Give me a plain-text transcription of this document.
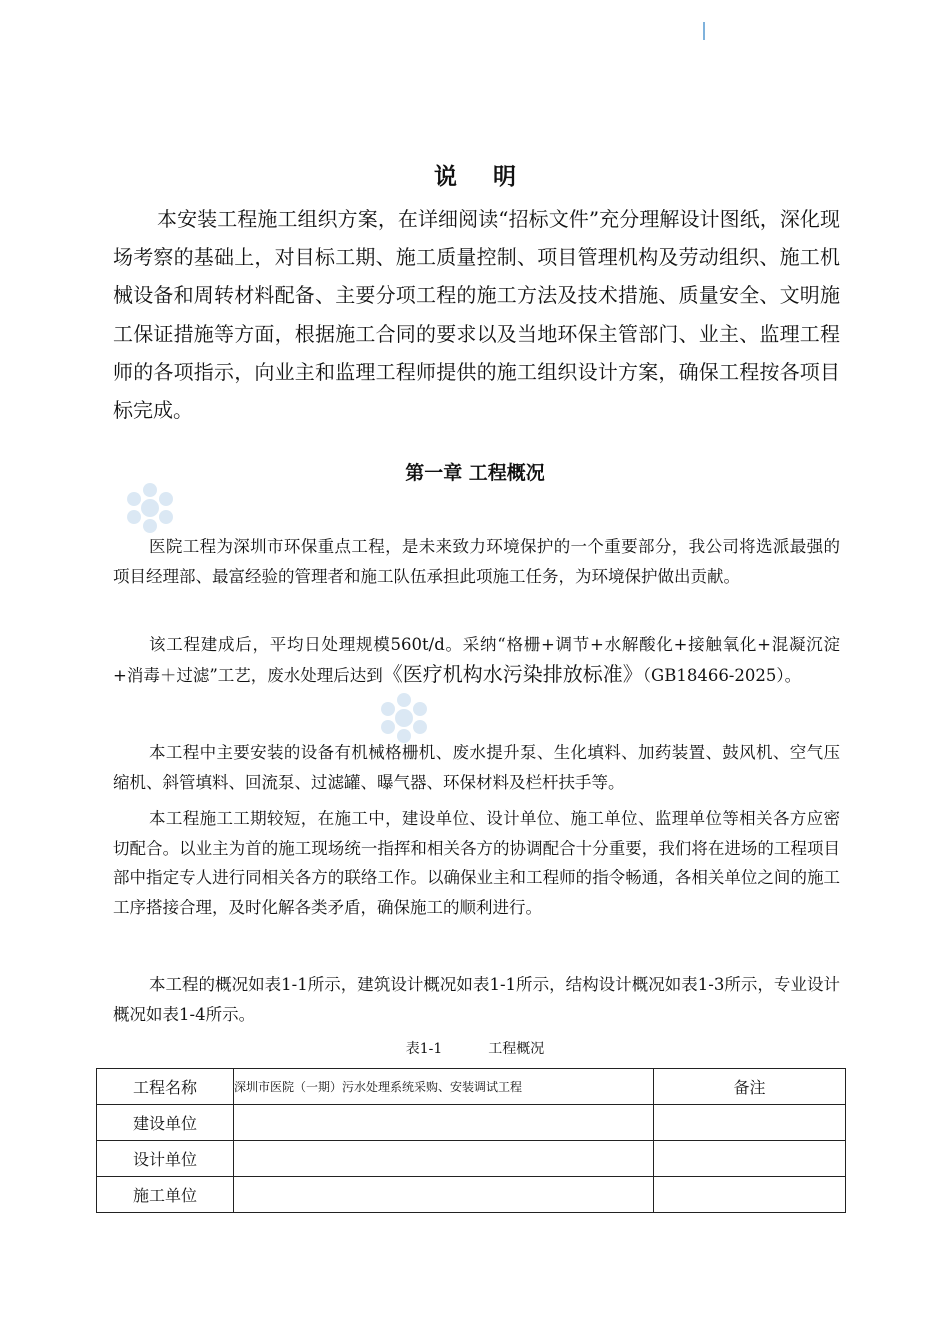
说明

本安装工程施工组织方案，在详细阅读“招标文件”充分理解设计图纸，深化现场考察的基础上，对目标工期、施工质量控制、项目管理机构及劳动组织、施工机械设备和周转材料配备、主要分项工程的施工方法及技术措施、质量安全、文明施工保证措施等方面，根据施工合同的要求以及当地环保主管部门、业主、监理工程师的各项指示，向业主和监理工程师提供的施工组织设计方案，确保工程按各项目标完成。

第一章 工程概况

医院工程为深圳市环保重点工程，是未来致力环境保护的一个重要部分，我公司将选派最强的项目经理部、最富经验的管理者和施工队伍承担此项施工任务，为环境保护做出贡献。

该工程建成后，平均日处理规模560t/d。采纳“格栅+调节+水解酸化+接触氧化+混凝沉淀+消毒＋过滤”工艺，废水处理后达到《医疗机构水污染排放标准》（GB18466-2025）。

本工程中主要安装的设备有机械格栅机、废水提升泵、生化填料、加药装置、鼓风机、空气压缩机、斜管填料、回流泵、过滤罐、曝气器、环保材料及栏杆扶手等。

本工程施工工期较短，在施工中，建设单位、设计单位、施工单位、监理单位等相关各方应密切配合。以业主为首的施工现场统一指挥和相关各方的协调配合十分重要，我们将在进场的工程项目部中指定专人进行同相关各方的联络工作。以确保业主和工程师的指令畅通，各相关单位之间的施工工序搭接合理，及时化解各类矛盾，确保施工的顺利进行。

本工程的概况如表1-1所示，建筑设计概况如表1-1所示，结构设计概况如表1-3所示，专业设计概况如表1-4所示。

表1-1	工程概况
工程名称	深圳市医院（一期）污水处理系统采购、安装调试工程	备注
建设单位		
设计单位		
施工单位		
